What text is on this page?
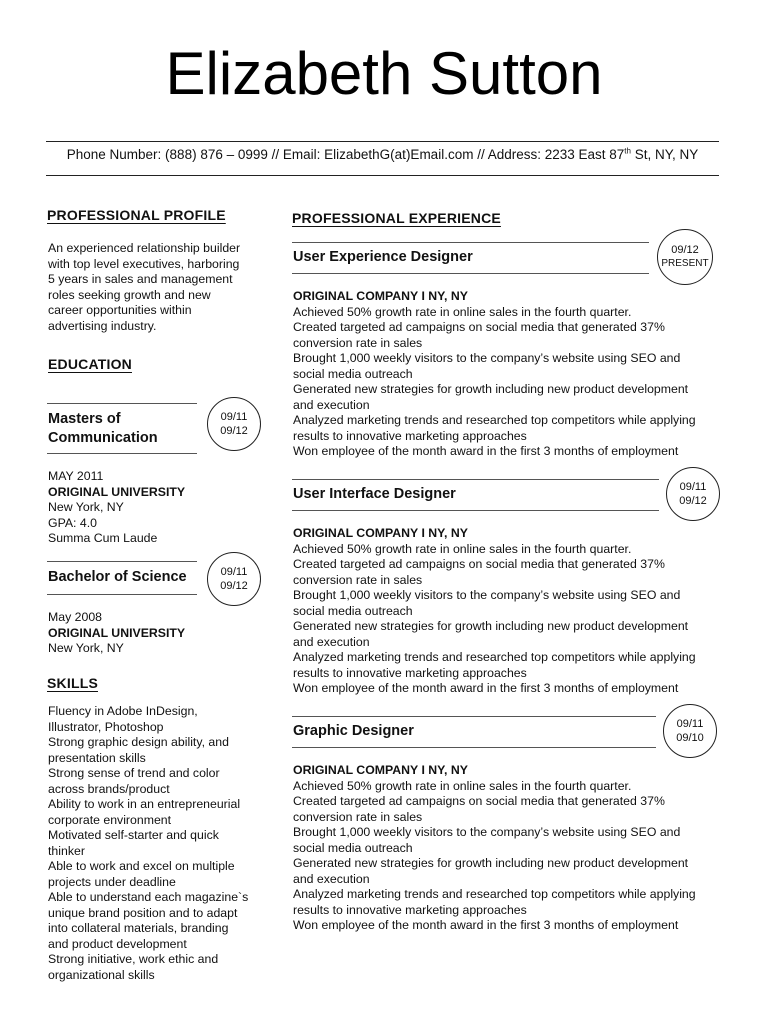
Elizabeth Sutton
Phone Number: (888) 876 – 0999 // Email: ElizabethG(at)Email.com // Address: 2233 East 87th St, NY, NY
PROFESSIONAL PROFILE
An experienced relationship builder
with top level executives, harboring
5 years in sales and management
roles seeking growth and new
career opportunities within
advertising industry.
EDUCATION
Masters of
Communication
09/11
09/12
MAY 2011
ORIGINAL UNIVERSITY
New York, NY
GPA: 4.0
Summa Cum Laude
Bachelor of Science	09/11
09/12
May 2008
ORIGINAL UNIVERSITY
New York, NY
SKILLS
Fluency in Adobe InDesign,
Illustrator, Photoshop
Strong graphic design ability, and
presentation skills
Strong sense of trend and color
across brands/product
Ability to work in an entrepreneurial
corporate environment
Motivated self-starter and quick
thinker
Able to work and excel on multiple
projects under deadline
Able to understand each magazine`s
unique brand position and to adapt
into collateral materials, branding
and product development
Strong initiative, work ethic and
organizational skills
PROFESSIONAL EXPERIENCE
User Experience Designer	09/12
PRESENT
ORIGINAL COMPANY I NY, NY
Achieved 50% growth rate in online sales in the fourth quarter.
Created targeted ad campaigns on social media that generated 37%
conversion rate in sales
Brought 1,000 weekly visitors to the company’s website using SEO and
social media outreach
Generated new strategies for growth including new product development
and execution
Analyzed marketing trends and researched top competitors while applying
results to innovative marketing approaches
Won employee of the month award in the first 3 months of employment
User Interface Designer	09/11
09/12
ORIGINAL COMPANY I NY, NY
Achieved 50% growth rate in online sales in the fourth quarter.
Created targeted ad campaigns on social media that generated 37%
conversion rate in sales
Brought 1,000 weekly visitors to the company’s website using SEO and
social media outreach
Generated new strategies for growth including new product development
and execution
Analyzed marketing trends and researched top competitors while applying
results to innovative marketing approaches
Won employee of the month award in the first 3 months of employment
Graphic Designer	09/11
09/10
ORIGINAL COMPANY I NY, NY
Achieved 50% growth rate in online sales in the fourth quarter.
Created targeted ad campaigns on social media that generated 37%
conversion rate in sales
Brought 1,000 weekly visitors to the company’s website using SEO and
social media outreach
Generated new strategies for growth including new product development
and execution
Analyzed marketing trends and researched top competitors while applying
results to innovative marketing approaches
Won employee of the month award in the first 3 months of employment
